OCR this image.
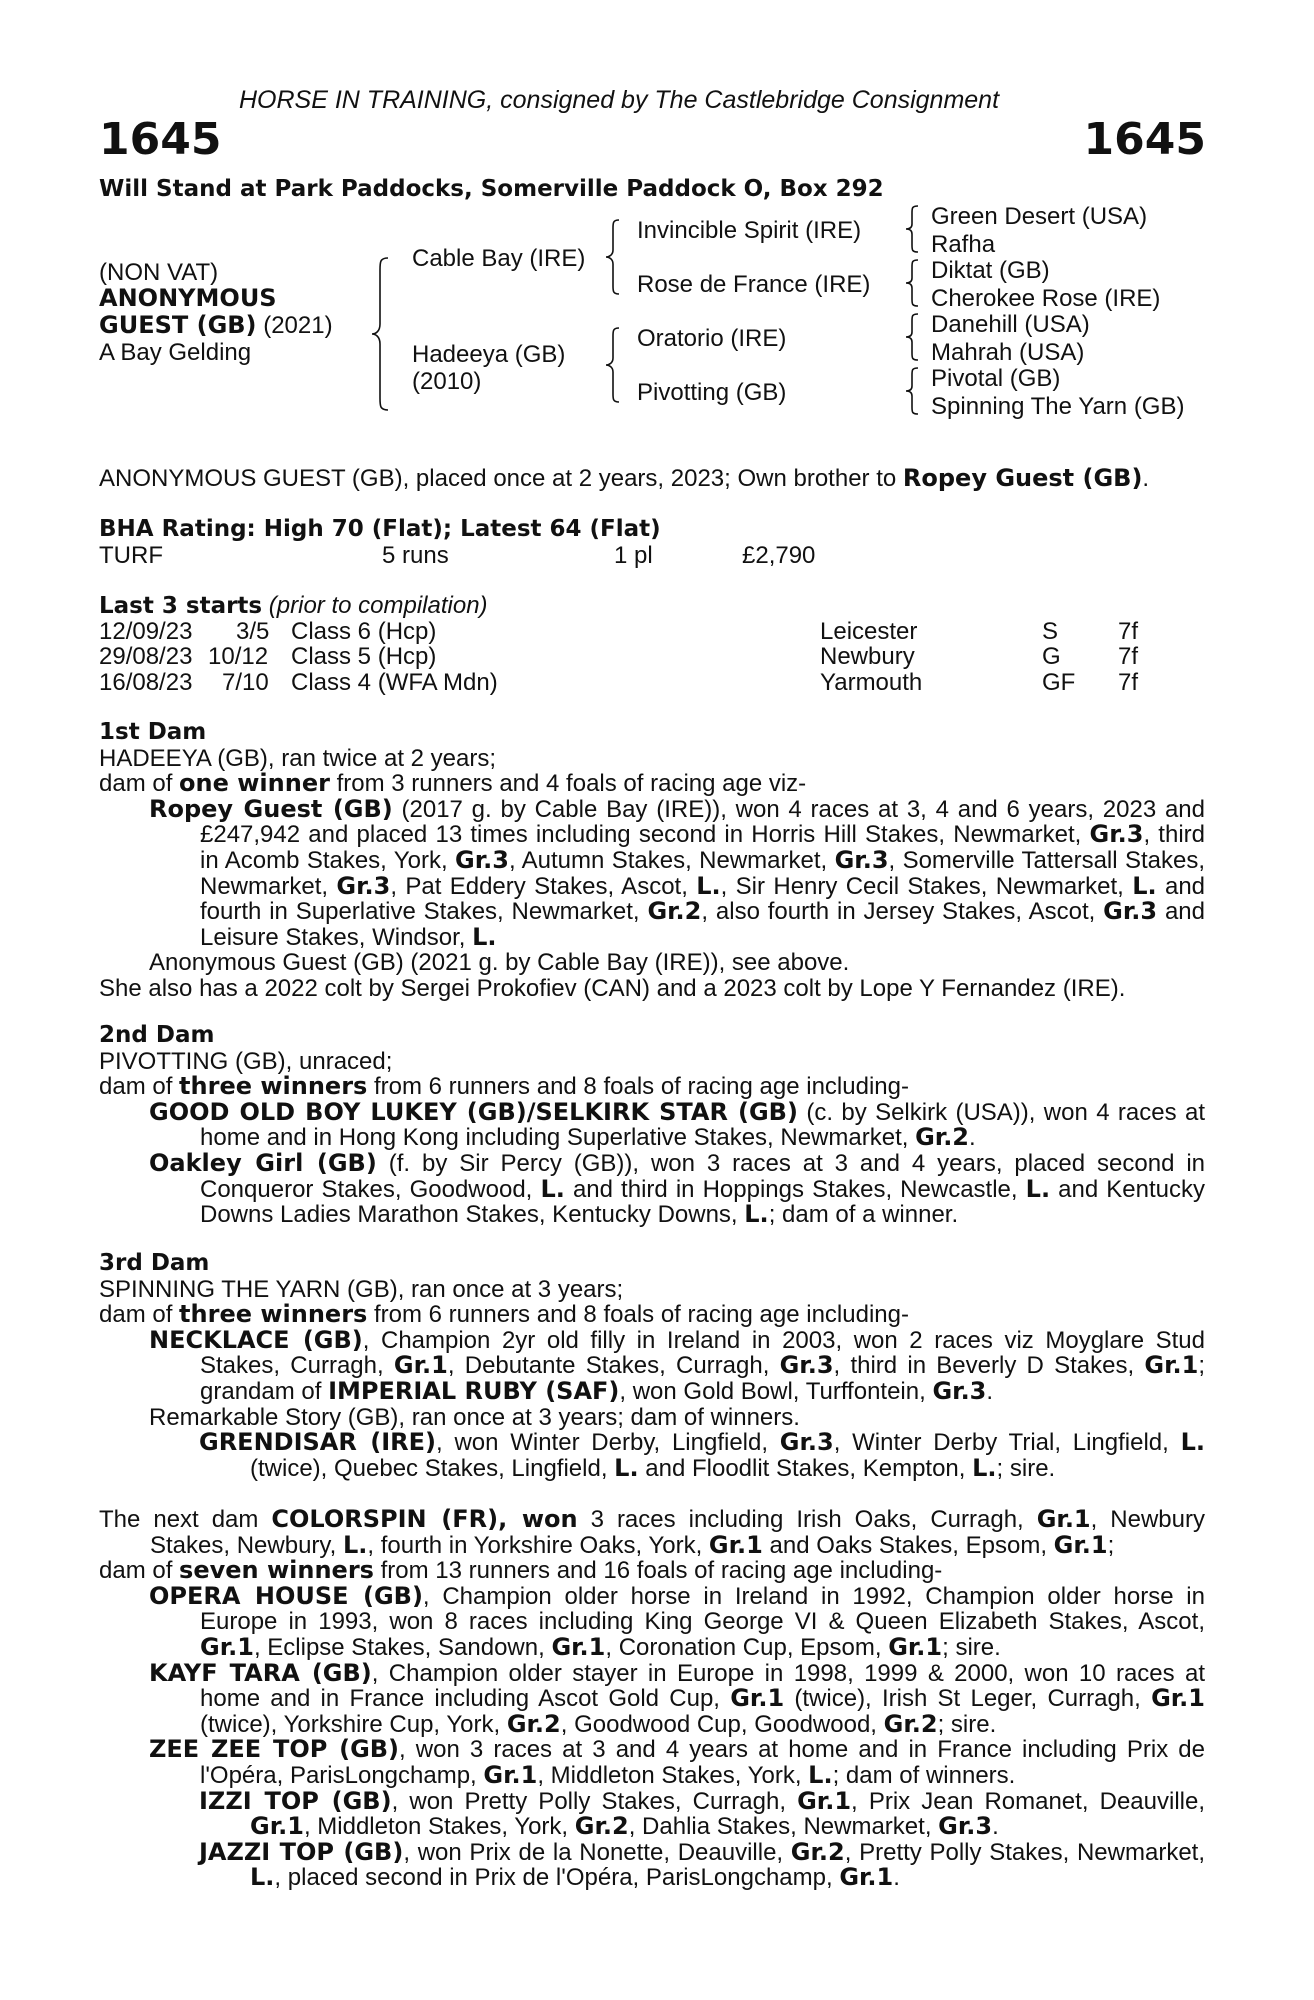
HORSE IN TRAINING, consigned by The Castlebridge Consignment
1645	1645
Will Stand at Park Paddocks, Somerville Paddock O, Box 292
(NON VAT)
ANONYMOUS
GUEST (GB) (2021)
A Bay Gelding
Cable Bay (IRE)
Hadeeya (GB)
(2010)
Invincible Spirit (IRE)
Rose de France (IRE)
Oratorio (IRE)
Pivotting (GB)
Green Desert (USA)
Rafha
Diktat (GB)
Cherokee Rose (IRE)
Danehill (USA)
Mahrah (USA)
Pivotal (GB)
Spinning The Yarn (GB)
ANONYMOUS GUEST (GB), placed once at 2 years, 2023; Own brother to Ropey Guest (GB).
BHA Rating: High 70 (Flat); Latest 64 (Flat)
TURF	5 runs	1 pl	£2,790
Last 3 starts (prior to compilation)
12/09/23 3/5 Class 6 (Hcp)	Leicester	S 7f
29/08/23 10/12 Class 5 (Hcp)	Newbury	G 7f
16/08/23 7/10 Class 4 (WFA Mdn)	Yarmouth	GF 7f

1st Dam

HADEEYA (GB), ran twice at 2 years;

dam of one winner from 3 runners and 4 foals of racing age viz-

Ropey Guest (GB) (2017 g. by Cable Bay (IRE)), won 4 races at 3, 4 and 6 years, 2023 and £247,942 and placed 13 times including second in Horris Hill Stakes, Newmarket, Gr.3, third in Acomb Stakes, York, Gr.3, Autumn Stakes, Newmarket, Gr.3, Somerville Tattersall Stakes, Newmarket, Gr.3, Pat Eddery Stakes, Ascot, L., Sir Henry Cecil Stakes, Newmarket, L. and fourth in Superlative Stakes, Newmarket, Gr.2, also fourth in Jersey Stakes, Ascot, Gr.3 and Leisure Stakes, Windsor, L.

Anonymous Guest (GB) (2021 g. by Cable Bay (IRE)), see above.

She also has a 2022 colt by Sergei Prokofiev (CAN) and a 2023 colt by Lope Y Fernandez (IRE).

2nd Dam

PIVOTTING (GB), unraced;

dam of three winners from 6 runners and 8 foals of racing age including-

GOOD OLD BOY LUKEY (GB)/SELKIRK STAR (GB) (c. by Selkirk (USA)), won 4 races at home and in Hong Kong including Superlative Stakes, Newmarket, Gr.2.

Oakley Girl (GB) (f. by Sir Percy (GB)), won 3 races at 3 and 4 years, placed second in Conqueror Stakes, Goodwood, L. and third in Hoppings Stakes, Newcastle, L. and Kentucky Downs Ladies Marathon Stakes, Kentucky Downs, L.; dam of a winner.

3rd Dam

SPINNING THE YARN (GB), ran once at 3 years;

dam of three winners from 6 runners and 8 foals of racing age including-

NECKLACE (GB), Champion 2yr old filly in Ireland in 2003, won 2 races viz Moyglare Stud Stakes, Curragh, Gr.1, Debutante Stakes, Curragh, Gr.3, third in Beverly D Stakes, Gr.1; grandam of IMPERIAL RUBY (SAF), won Gold Bowl, Turffontein, Gr.3.

Remarkable Story (GB), ran once at 3 years; dam of winners.

GRENDISAR (IRE), won Winter Derby, Lingfield, Gr.3, Winter Derby Trial, Lingfield, L. (twice), Quebec Stakes, Lingfield, L. and Floodlit Stakes, Kempton, L.; sire.

The next dam COLORSPIN (FR), won 3 races including Irish Oaks, Curragh, Gr.1, Newbury Stakes, Newbury, L., fourth in Yorkshire Oaks, York, Gr.1 and Oaks Stakes, Epsom, Gr.1;

dam of seven winners from 13 runners and 16 foals of racing age including-

OPERA HOUSE (GB), Champion older horse in Ireland in 1992, Champion older horse in Europe in 1993, won 8 races including King George VI & Queen Elizabeth Stakes, Ascot, Gr.1, Eclipse Stakes, Sandown, Gr.1, Coronation Cup, Epsom, Gr.1; sire.

KAYF TARA (GB), Champion older stayer in Europe in 1998, 1999 & 2000, won 10 races at home and in France including Ascot Gold Cup, Gr.1 (twice), Irish St Leger, Curragh, Gr.1 (twice), Yorkshire Cup, York, Gr.2, Goodwood Cup, Goodwood, Gr.2; sire.

ZEE ZEE TOP (GB), won 3 races at 3 and 4 years at home and in France including Prix de l'Opéra, ParisLongchamp, Gr.1, Middleton Stakes, York, L.; dam of winners.

IZZI TOP (GB), won Pretty Polly Stakes, Curragh, Gr.1, Prix Jean Romanet, Deauville, Gr.1, Middleton Stakes, York, Gr.2, Dahlia Stakes, Newmarket, Gr.3.

JAZZI TOP (GB), won Prix de la Nonette, Deauville, Gr.2, Pretty Polly Stakes, Newmarket, L., placed second in Prix de l'Opéra, ParisLongchamp, Gr.1.
